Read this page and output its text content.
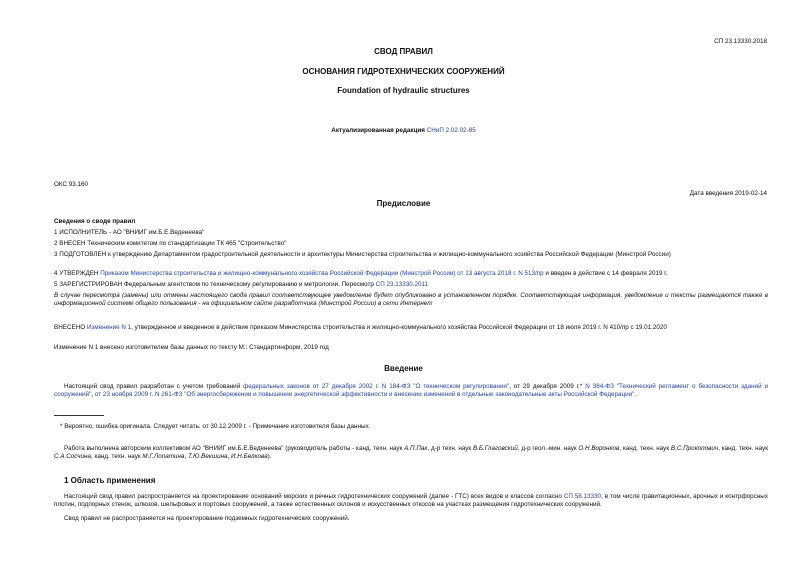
СП 23.13330.2018
СВОД ПРАВИЛ
ОСНОВАНИЯ ГИДРОТЕХНИЧЕСКИХ СООРУЖЕНИЙ
Foundation of hydraulic structures
Актуализированная редакция СНиП 2.02.02-85
ОКС 93.160
Дата введения 2019-02-14
Предисловие
Сведения о своде правил
1 ИСПОЛНИТЕЛЬ - АО "ВНИИГ им.Б.Е.Веденеева"
2 ВНЕСЕН Техническим комитетом по стандартизации ТК 465 "Строительство"
3 ПОДГОТОВЛЕН к утверждению Департаментом градостроительной деятельности и архитектуры Министерства строительства и жилищно-коммунального хозяйства Российской Федерации (Минстрой России)
4 УТВЕРЖДЕН Приказом Министерства строительства и жилищно-коммунального хозяйства Российской Федерации (Минстрой России) от 13 августа 2018 г. N 513/пр и введен в действие с 14 февраля 2019 г.
5 ЗАРЕГИСТРИРОВАН Федеральным агентством по техническому регулированию и метрологии. Пересмотр СП 23.13330.2011
В случае пересмотра (замены) или отмены настоящего свода правил соответствующее уведомление будет опубликовано в установленном порядке. Соответствующая информация, уведомление и тексты размещаются также в информационной системе общего пользования - на официальном сайте разработчика (Минстрой России) в сети Интернет
ВНЕСЕНО Изменение N 1, утвержденное и введенное в действие приказом Министерства строительства и жилищно-коммунального хозяйства Российской Федерации от 18 июля 2019 г. N 410/пр с 19.01.2020
Изменение N 1 внесено изготовителем базы данных по тексту М.: Стандартинформ, 2019 год
Введение
Настоящий свод правил разработан с учетом требований федеральных законов от 27 декабря 2002 г. N 184-ФЗ "О техническом регулировании", от 29 декабря 2009 г.* N 384-ФЗ "Технический регламент о безопасности зданий и сооружений", от 23 ноября 2009 г. N 261-ФЗ "Об энергосбережении и повышении энергетической эффективности и внесении изменений в отдельные законодательные акты Российской Федерации".
* Вероятно, ошибка оригинала. Следует читать: от 30.12.2009 г. - Примечание изготовителя базы данных.
Работа выполнена авторским коллективом АО "ВНИИГ им.Б.Е.Веденеева" (руководитель работы - канд. техн. наук А.П.Пак, д-р техн. наук В.Б.Глаговский, д-р геол.-мин. наук О.Н.Воронков, канд. техн. наук В.С.Прокопович, канд. техн. наук С.А.Сосчина, канд. техн. наук М.Г.Лопатина, Т.Ю.Векшина, И.Н.Белкова).
1 Область применения
Настоящий свод правил распространяется на проектирование оснований морских и речных гидротехнических сооружений (далее - ГТС) всех видов и классов согласно СП 58.13330, в том числе гравитационных, арочных и контрфорсных плотин, подпорных стенок, шлюзов, шельфовых и портовых сооружений, а также естественных склонов и искусственных откосов на участках размещения гидротехнических сооружений.
Свод правил не распространяется на проектирование подземных гидротехнических сооружений.
